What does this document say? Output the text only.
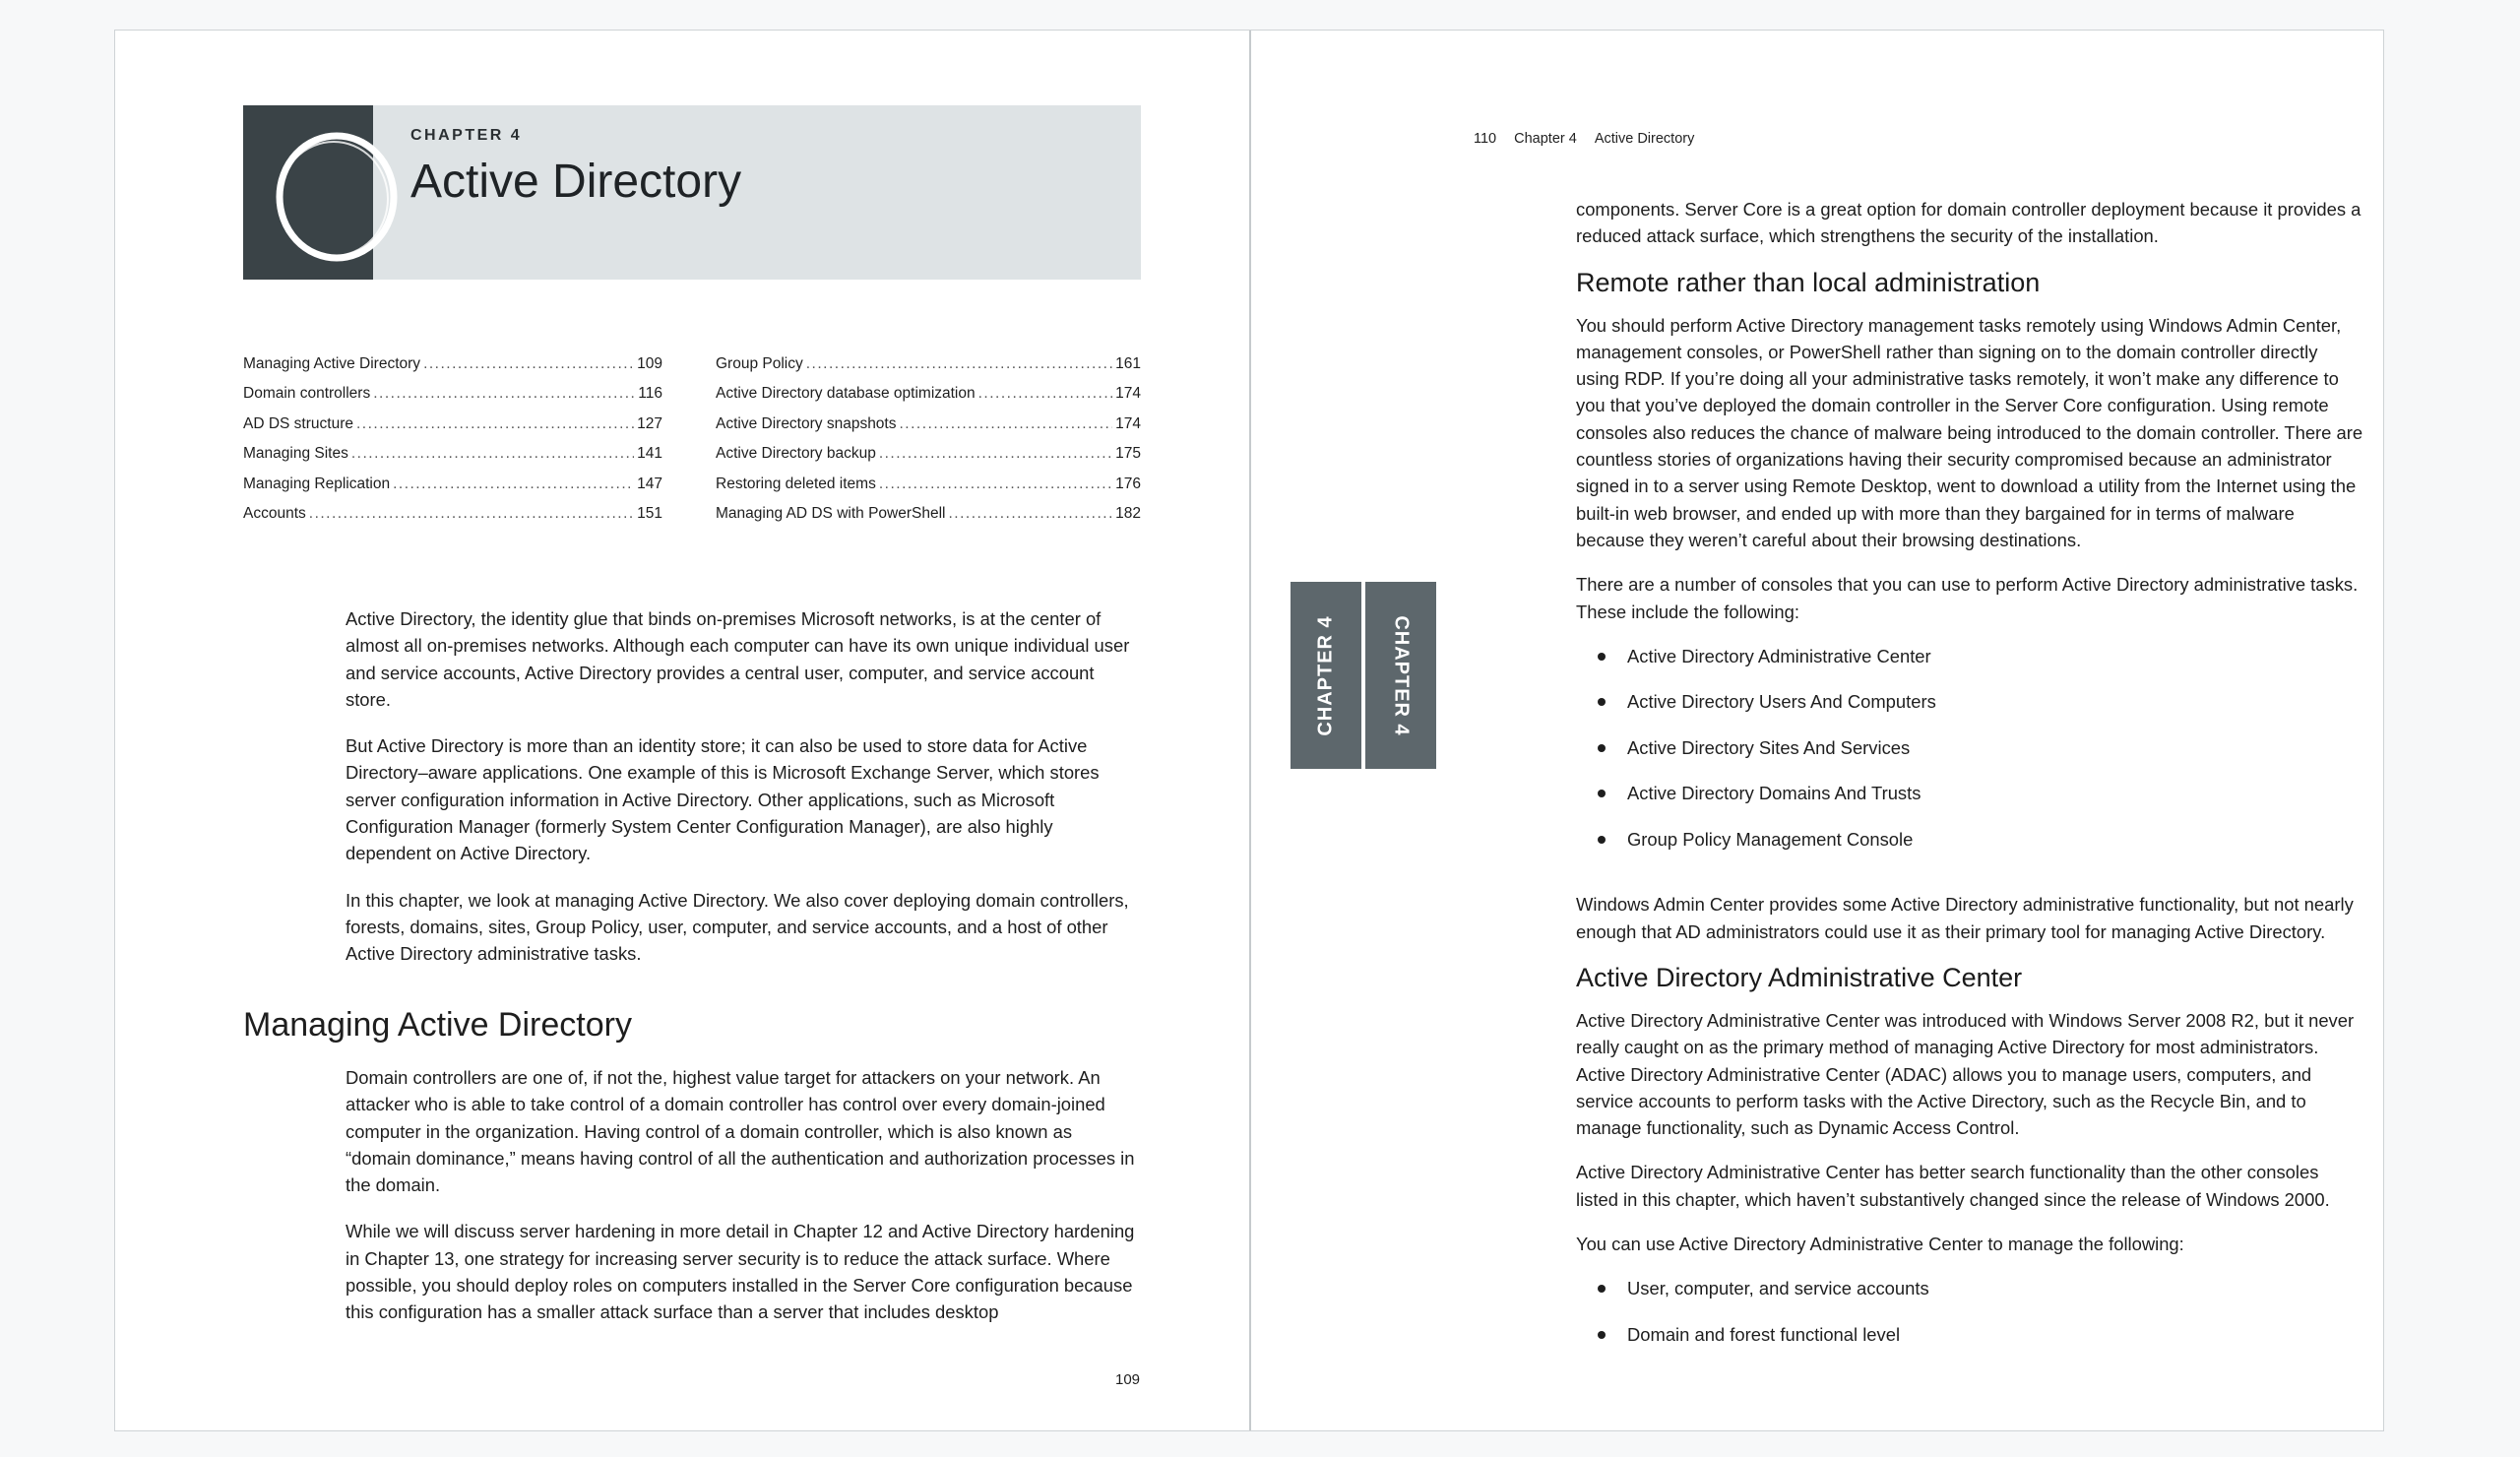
CHAPTER 4
Active Directory
Managing Active Directory .....	109
Domain controllers .....	116
AD DS structure .....	127
Managing Sites .....	141
Managing Replication .....	147
Accounts .....	151
Group Policy .....	161
Active Directory database optimization .....	174
Active Directory snapshots .....	174
Active Directory backup .....	175
Restoring deleted items .....	176
Managing AD DS with PowerShell .....	182

Active Directory, the identity glue that binds on-premises Microsoft networks, is at the center of almost all on-premises networks. Although each computer can have its own unique individual user and service accounts, Active Directory provides a central user, computer, and service account store.

But Active Directory is more than an identity store; it can also be used to store data for Active Directory–aware applications. One example of this is Microsoft Exchange Server, which stores server configuration information in Active Directory. Other applications, such as Microsoft Configuration Manager (formerly System Center Configuration Manager), are also highly dependent on Active Directory.

In this chapter, we look at managing Active Directory. We also cover deploying domain controllers, forests, domains, sites, Group Policy, user, computer, and service accounts, and a host of other Active Directory administrative tasks.

Managing Active Directory

Domain controllers are one of, if not the, highest value target for attackers on your network. An attacker who is able to take control of a domain controller has control over every domain-joined computer in the organization. Having control of a domain controller, which is also known as “domain dominance,” means having control of all the authentication and authorization processes in the domain.

While we will discuss server hardening in more detail in Chapter 12 and Active Directory hardening in Chapter 13, one strategy for increasing server security is to reduce the attack surface. Where possible, you should deploy roles on computers installed in the Server Core configuration because this configuration has a smaller attack surface than a server that includes desktop

109
110 Chapter 4 Active Directory

components. Server Core is a great option for domain controller deployment because it provides a reduced attack surface, which strengthens the security of the installation.

Remote rather than local administration

You should perform Active Directory management tasks remotely using Windows Admin Center, management consoles, or PowerShell rather than signing on to the domain controller directly using RDP. If you’re doing all your administrative tasks remotely, it won’t make any difference to you that you’ve deployed the domain controller in the Server Core configuration. Using remote consoles also reduces the chance of malware being introduced to the domain controller. There are countless stories of organizations having their security compromised because an administrator signed in to a server using Remote Desktop, went to download a utility from the Internet using the built-in web browser, and ended up with more than they bargained for in terms of malware because they weren’t careful about their browsing destinations.

There are a number of consoles that you can use to perform Active Directory administrative tasks. These include the following:

Active Directory Administrative Center
Active Directory Users And Computers
Active Directory Sites And Services
Active Directory Domains And Trusts
Group Policy Management Console

Windows Admin Center provides some Active Directory administrative functionality, but not nearly enough that AD administrators could use it as their primary tool for managing Active Directory.

Active Directory Administrative Center

Active Directory Administrative Center was introduced with Windows Server 2008 R2, but it never really caught on as the primary method of managing Active Directory for most administrators. Active Directory Administrative Center (ADAC) allows you to manage users, computers, and service accounts to perform tasks with the Active Directory, such as the Recycle Bin, and to manage functionality, such as Dynamic Access Control.

Active Directory Administrative Center has better search functionality than the other consoles listed in this chapter, which haven’t substantively changed since the release of Windows 2000.

You can use Active Directory Administrative Center to manage the following:

User, computer, and service accounts
Domain and forest functional level
CHAPTER 4	CHAPTER 4
